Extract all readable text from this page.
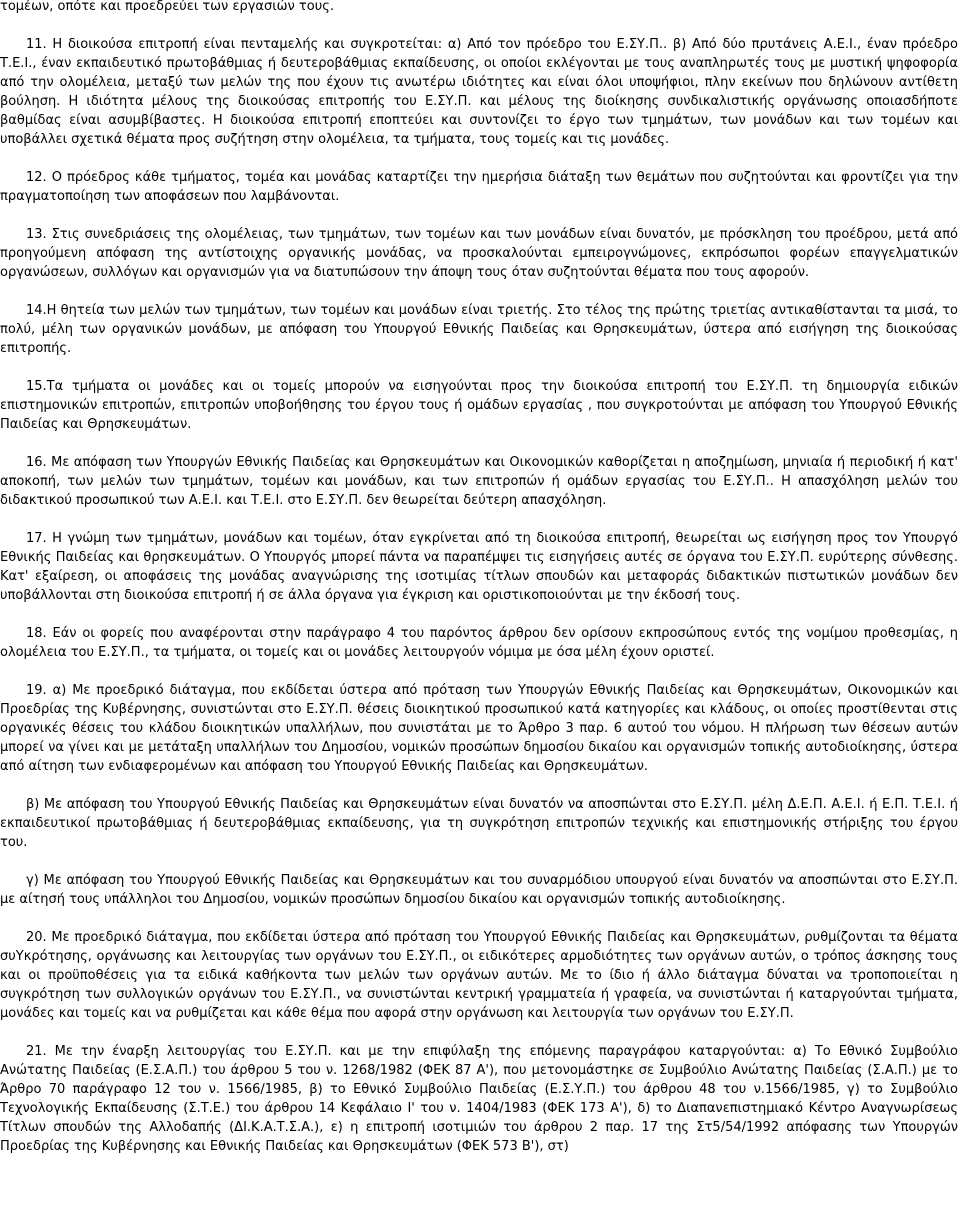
τομέων, οπότε και προεδρεύει των εργασιών τους.

11. Η διοικούσα επιτροπή είναι πενταμελής και συγκροτείται: α) Από τον πρόεδρο του Ε.ΣΥ.Π.. β) Από δύο πρυτάνεις Α.Ε.Ι., έναν πρόεδρο Τ.Ε.Ι., έναν εκπαιδευτικό πρωτοβάθμιας ή δευτεροβάθμιας εκπαίδευσης, οι οποίοι εκλέγονται με τους αναπληρωτές τους με μυστική ψηφοφορία από την ολομέλεια, μεταξύ των μελών της που έχουν τις ανωτέρω ιδιότητες και είναι όλοι υποψήφιοι, πλην εκείνων που δηλώνουν αντίθετη βούληση. Η ιδιότητα μέλους της διοικούσας επιτροπής του Ε.ΣΥ.Π. και μέλους της διοίκησης συνδικαλιστικής οργάνωσης οποιασδήποτε βαθμίδας είναι ασυμβίβαστες. Η διοικούσα επιτροπή εποπτεύει και συντονίζει το έργο των τμημάτων, των μονάδων και των τομέων και υποβάλλει σχετικά θέματα προς συζήτηση στην ολομέλεια, τα τμήματα, τους τομείς και τις μονάδες.

12. Ο πρόεδρος κάθε τμήματος, τομέα και μονάδας καταρτίζει την ημερήσια διάταξη των θεμάτων που συζητούνται και φροντίζει για την πραγματοποίηση των αποφάσεων που λαμβάνονται.

13. Στις συνεδριάσεις της ολομέλειας, των τμημάτων, των τομέων και των μονάδων είναι δυνατόν, με πρόσκληση του προέδρου, μετά από προηγούμενη απόφαση της αντίστοιχης οργανικής μονάδας, να προσκαλούνται εμπειρογνώμονες, εκπρόσωποι φορέων επαγγελματικών οργανώσεων, συλλόγων και οργανισμών για να διατυπώσουν την άποψη τους όταν συζητούνται θέματα που τους αφορούν.

14.Η θητεία των μελών των τμημάτων, των τομέων και μονάδων είναι τριετής. Στο τέλος της πρώτης τριετίας αντικαθίστανται τα μισά, το πολύ, μέλη των οργανικών μονάδων, με απόφαση του Υπουργού Εθνικής Παιδείας και Θρησκευμάτων, ύστερα από εισήγηση της διοικούσας επιτροπής.

15.Τα τμήματα οι μονάδες και οι τομείς μπορούν να εισηγούνται προς την διοικούσα επιτροπή του Ε.ΣΥ.Π. τη δημιουργία ειδικών επιστημονικών επιτροπών, επιτροπών υποβοήθησης του έργου τους ή ομάδων εργασίας , που συγκροτούνται με απόφαση του Υπουργού Εθνικής Παιδείας και Θρησκευμάτων.

16. Με απόφαση των Υπουργών Εθνικής Παιδείας και Θρησκευμάτων και Οικονομικών καθορίζεται η αποζημίωση, μηνιαία ή περιοδική ή κατ' αποκοπή, των μελών των τμημάτων, τομέων και μονάδων, και των επιτροπών ή ομάδων εργασίας του Ε.ΣΥ.Π.. Η απασχόληση μελών του διδακτικού προσωπικού των Α.Ε.Ι. και Τ.Ε.Ι. στο Ε.ΣΥ.Π. δεν θεωρείται δεύτερη απασχόληση.

17. Η γνώμη των τμημάτων, μονάδων και τομέων, όταν εγκρίνεται από τη διοικούσα επιτροπή, θεωρείται ως εισήγηση προς τον Υπουργό Εθνικής Παιδείας και θρησκευμάτων. Ο Υπουργός μπορεί πάντα να παραπέμψει τις εισηγήσεις αυτές σε όργανα του Ε.ΣΥ.Π. ευρύτερης σύνθεσης. Κατ' εξαίρεση, οι αποφάσεις της μονάδας αναγνώρισης της ισοτιμίας τίτλων σπουδών και μεταφοράς διδακτικών πιστωτικών μονάδων δεν υποβάλλονται στη διοικούσα επιτροπή ή σε άλλα όργανα για έγκριση και οριστικοποιούνται με την έκδοσή τους.

18. Εάν οι φορείς που αναφέρονται στην παράγραφο 4 του παρόντος άρθρου δεν ορίσουν εκπροσώπους εντός της νομίμου προθεσμίας, η ολομέλεια του Ε.ΣΥ.Π., τα τμήματα, οι τομείς και οι μονάδες λειτουργούν νόμιμα με όσα μέλη έχουν οριστεί.

19. α) Με προεδρικό διάταγμα, που εκδίδεται ύστερα από πρόταση των Υπουργών Εθνικής Παιδείας και Θρησκευμάτων, Οικονομικών και Προεδρίας της Κυβέρνησης, συνιστώνται στο Ε.ΣΥ.Π. θέσεις διοικητικού προσωπικού κατά κατηγορίες και κλάδους, οι οποίες προστίθενται στις οργανικές θέσεις του κλάδου διοικητικών υπαλλήλων, που συνιστάται με το Άρθρο 3 παρ. 6 αυτού του νόμου. Η πλήρωση των θέσεων αυτών μπορεί να γίνει και με μετάταξη υπαλλήλων του Δημοσίου, νομικών προσώπων δημοσίου δικαίου και οργανισμών τοπικής αυτοδιοίκησης, ύστερα από αίτηση των ενδιαφερομένων και απόφαση του Υπουργού Εθνικής Παιδείας και Θρησκευμάτων.

β) Με απόφαση του Υπουργού Εθνικής Παιδείας και Θρησκευμάτων είναι δυνατόν να αποσπώνται στο Ε.ΣΥ.Π. μέλη Δ.Ε.Π. Α.Ε.Ι. ή Ε.Π. Τ.Ε.Ι. ή εκπαιδευτικοί πρωτοβάθμιας ή δευτεροβάθμιας εκπαίδευσης, για τη συγκρότηση επιτροπών τεχνικής και επιστημονικής στήριξης του έργου του.

γ) Με απόφαση του Υπουργού Εθνικής Παιδείας και Θρησκευμάτων και του συναρμόδιου υπουργού είναι δυνατόν να αποσπώνται στο Ε.ΣΥ.Π. με αίτησή τους υπάλληλοι του Δημοσίου, νομικών προσώπων δημοσίου δικαίου και οργανισμών τοπικής αυτοδιοίκησης.

20. Με προεδρικό διάταγμα, που εκδίδεται ύστερα από πρόταση του Υπουργού Εθνικής Παιδείας και Θρησκευμάτων, ρυθμίζονται τα θέματα συΥκρότησης, οργάνωσης και λειτουργίας των οργάνων του Ε.ΣΥ.Π., οι ειδικότερες αρμοδιότητες των οργάνων αυτών, ο τρόπος άσκησης τους και οι προϋποθέσεις για τα ειδικά καθήκοντα των μελών των οργάνων αυτών. Με το ίδιο ή άλλο διάταγμα δύναται να τροποποιείται η συγκρότηση των συλλογικών οργάνων του Ε.ΣΥ.Π., να συνιστώνται κεντρική γραμματεία ή γραφεία, να συνιστώνται ή καταργούνται τμήματα, μονάδες και τομείς και να ρυθμίζεται και κάθε θέμα που αφορά στην οργάνωση και λειτουργία των οργάνων του Ε.ΣΥ.Π.

21. Με την έναρξη λειτουργίας του Ε.ΣΥ.Π. και με την επιφύλαξη της επόμενης παραγράφου καταργούνται: α) Το Εθνικό Συμβούλιο Ανώτατης Παιδείας (Ε.Σ.Α.Π.) του άρθρου 5 του ν. 1268/1982 (ΦΕΚ 87 Α'), που μετονομάστηκε σε Συμβούλιο Ανώτατης Παιδείας (Σ.Α.Π.) με το Άρθρο 70 παράγραφο 12 του ν. 1566/1985, β) το Εθνικό Συμβούλιο Παιδείας (Ε.Σ.Υ.Π.) του άρθρου 48 του ν.1566/1985, γ) το Συμβούλιο Τεχνολογικής Εκπαίδευσης (Σ.Τ.Ε.) του άρθρου 14 Κεφάλαιο Ι' του ν. 1404/1983 (ΦΕΚ 173 Α'), δ) το Διαπανεπιστημιακό Κέντρο Αναγνωρίσεως Τίτλων σπουδών της Αλλοδαπής (ΔΙ.Κ.Α.Τ.Σ.Α.), ε) η επιτροπή ισοτιμιών του άρθρου 2 παρ. 17 της Στ5/54/1992 απόφασης των Υπουργών Προεδρίας της Κυβέρνησης και Εθνικής Παιδείας και Θρησκευμάτων (ΦΕΚ 573 Β'), στ)
